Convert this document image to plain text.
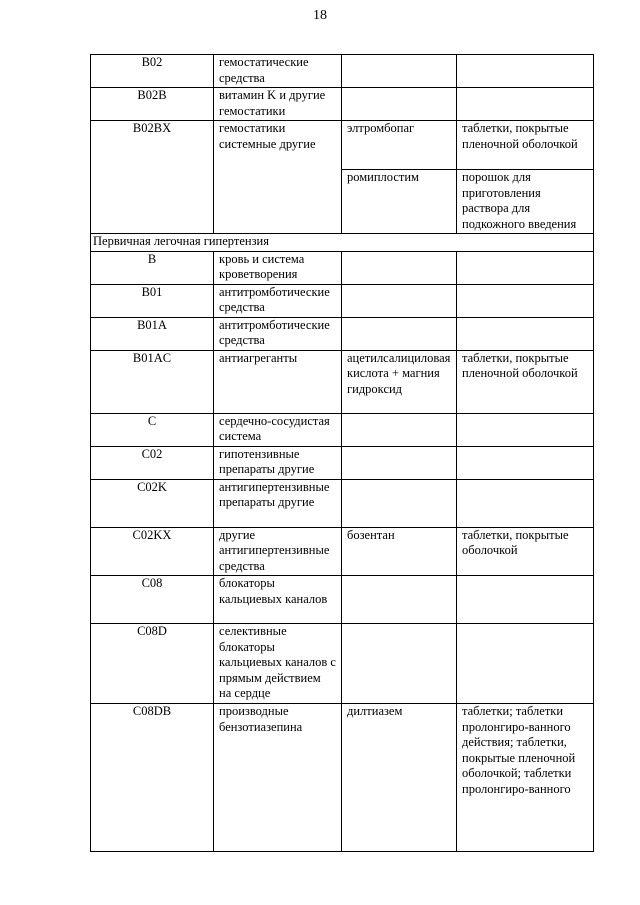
18
B02	гемостатические средства		
B02B	витамин K и другие гемостатики		
B02BX	гемостатики системные другие	элтромбопаг	таблетки, покрытые пленочной оболочкой
		ромиплостим	порошок для приготовления раствора для подкожного введения
Первичная легочная гипертензия			
B	кровь и система кроветворения		
B01	антитромботические средства		
B01A	антитромботические средства		
B01AC	антиагреганты	ацетилсалициловая кислота + магния гидроксид	таблетки, покрытые пленочной оболочкой
C	сердечно-сосудистая система		
C02	гипотензивные препараты другие		
C02K	антигипертензивные препараты другие		
C02KX	другие антигипертензивные средства	бозентан	таблетки, покрытые оболочкой
C08	блокаторы кальциевых каналов		
C08D	селективные блокаторы кальциевых каналов с прямым действием на сердце		
C08DB	производные бензотиазепина	дилтиазем	таблетки; таблетки пролонгиро-ванного действия; таблетки, покрытые пленочной оболочкой; таблетки пролонгиро-ванного
